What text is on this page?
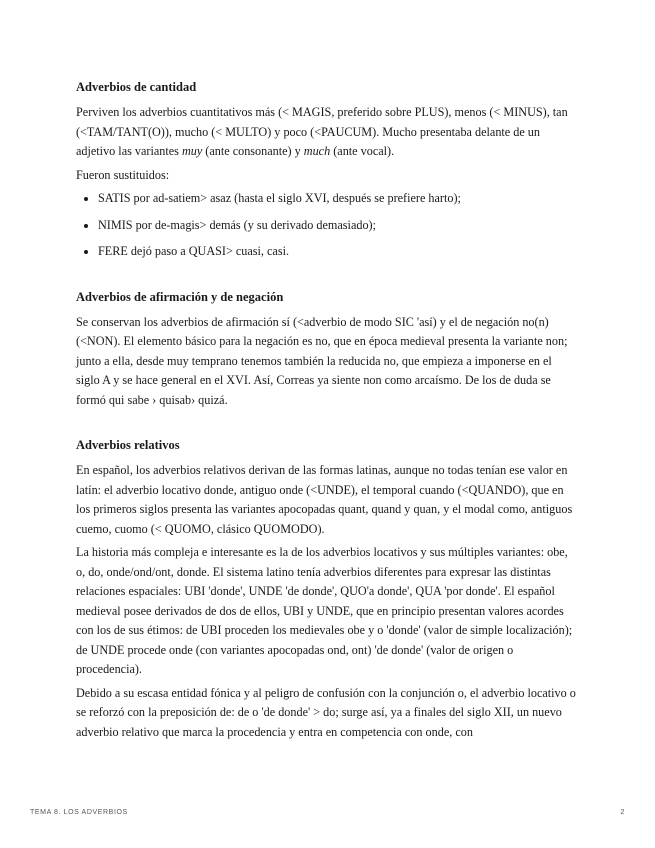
Adverbios de cantidad

Perviven los adverbios cuantitativos más (< MAGIS, preferido sobre PLUS), menos (< MINUS), tan (<TAM/TANT(O)), mucho (< MULTO) y poco (<PAUCUM). Mucho presentaba delante de un adjetivo las variantes muy (ante consonante) y much (ante vocal).

Fueron sustituidos:

• SATIS por ad-satiem> asaz (hasta el siglo XVI, después se prefiere harto);
• NIMIS por de-magis> demás (y su derivado demasiado);
• FERE dejó paso a QUASI> cuasi, casi.
Adverbios de afirmación y de negación

Se conservan los adverbios de afirmación sí (<adverbio de modo SIC 'así) y el de negación no(n) (<NON). El elemento básico para la negación es no, que en época medieval presenta la variante non; junto a ella, desde muy temprano tenemos también la reducida no, que empieza a imponerse en el siglo A y se hace general en el XVI. Así, Correas ya siente non como arcaísmo. De los de duda se formó qui sabe › quisab› quizá.

Adverbios relativos

En español, los adverbios relativos derivan de las formas latinas, aunque no todas tenían ese valor en latín: el adverbio locativo donde, antiguo onde (<UNDE), el temporal cuando (<QUANDO), que en los primeros siglos presenta las variantes apocopadas quant, quand y quan, y el modal como, antiguos cuemo, cuomo (< QUOMO, clásico QUOMODO).

La historia más compleja e interesante es la de los adverbios locativos y sus múltiples variantes: obe, o, do, onde/ond/ont, donde. El sistema latino tenía adverbios diferentes para expresar las distintas relaciones espaciales: UBI 'donde', UNDE 'de donde', QUO'a donde', QUA 'por donde'. El español medieval posee derivados de dos de ellos, UBI y UNDE, que en principio presentan valores acordes con los de sus étimos: de UBI proceden los medievales obe y o 'donde' (valor de simple localización); de UNDE procede onde (con variantes apocopadas ond, ont) 'de donde' (valor de origen o procedencia).

Debido a su escasa entidad fónica y al peligro de confusión con la conjunción o, el adverbio locativo o se reforzó con la preposición de: de o 'de donde' > do; surge así, ya a finales del siglo XII, un nuevo adverbio relativo que marca la procedencia y entra en competencia con onde, con

TEMA 8. LOS ADVERBIOS	2
